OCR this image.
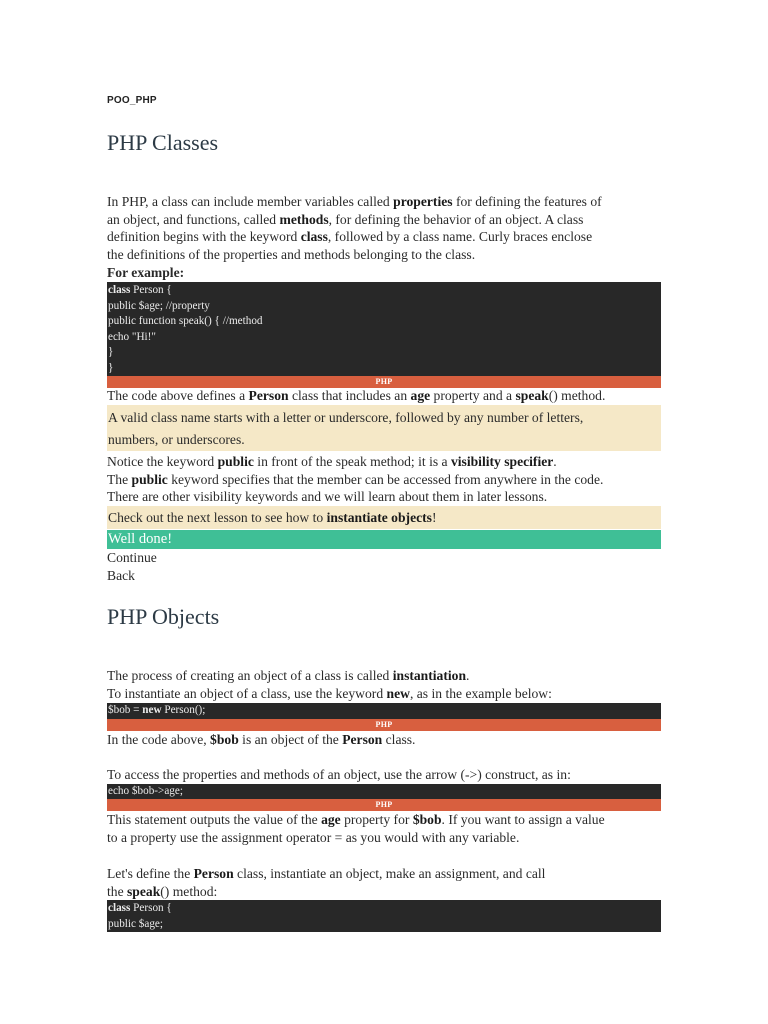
POO_PHP
PHP Classes
In PHP, a class can include member variables called properties for defining the features of
an object, and functions, called methods, for defining the behavior of an object. A class
definition begins with the keyword class, followed by a class name. Curly braces enclose
the definitions of the properties and methods belonging to the class.
For example:
class Person {
public $age; //property
public function speak() { //method
echo "Hi!"
}
}
PHP
The code above defines a Person class that includes an age property and a speak() method.
A valid class name starts with a letter or underscore, followed by any number of letters,
numbers, or underscores.
Notice the keyword public in front of the speak method; it is a visibility specifier.
The public keyword specifies that the member can be accessed from anywhere in the code.
There are other visibility keywords and we will learn about them in later lessons.
Check out the next lesson to see how to instantiate objects!
Well done!
Continue
Back
PHP Objects
The process of creating an object of a class is called instantiation.
To instantiate an object of a class, use the keyword new, as in the example below:
$bob = new Person();
PHP
In the code above, $bob is an object of the Person class.
To access the properties and methods of an object, use the arrow (->) construct, as in:
echo $bob->age;
PHP
This statement outputs the value of the age property for $bob. If you want to assign a value
to a property use the assignment operator = as you would with any variable.
Let's define the Person class, instantiate an object, make an assignment, and call
the speak() method:
class Person {
public $age;
